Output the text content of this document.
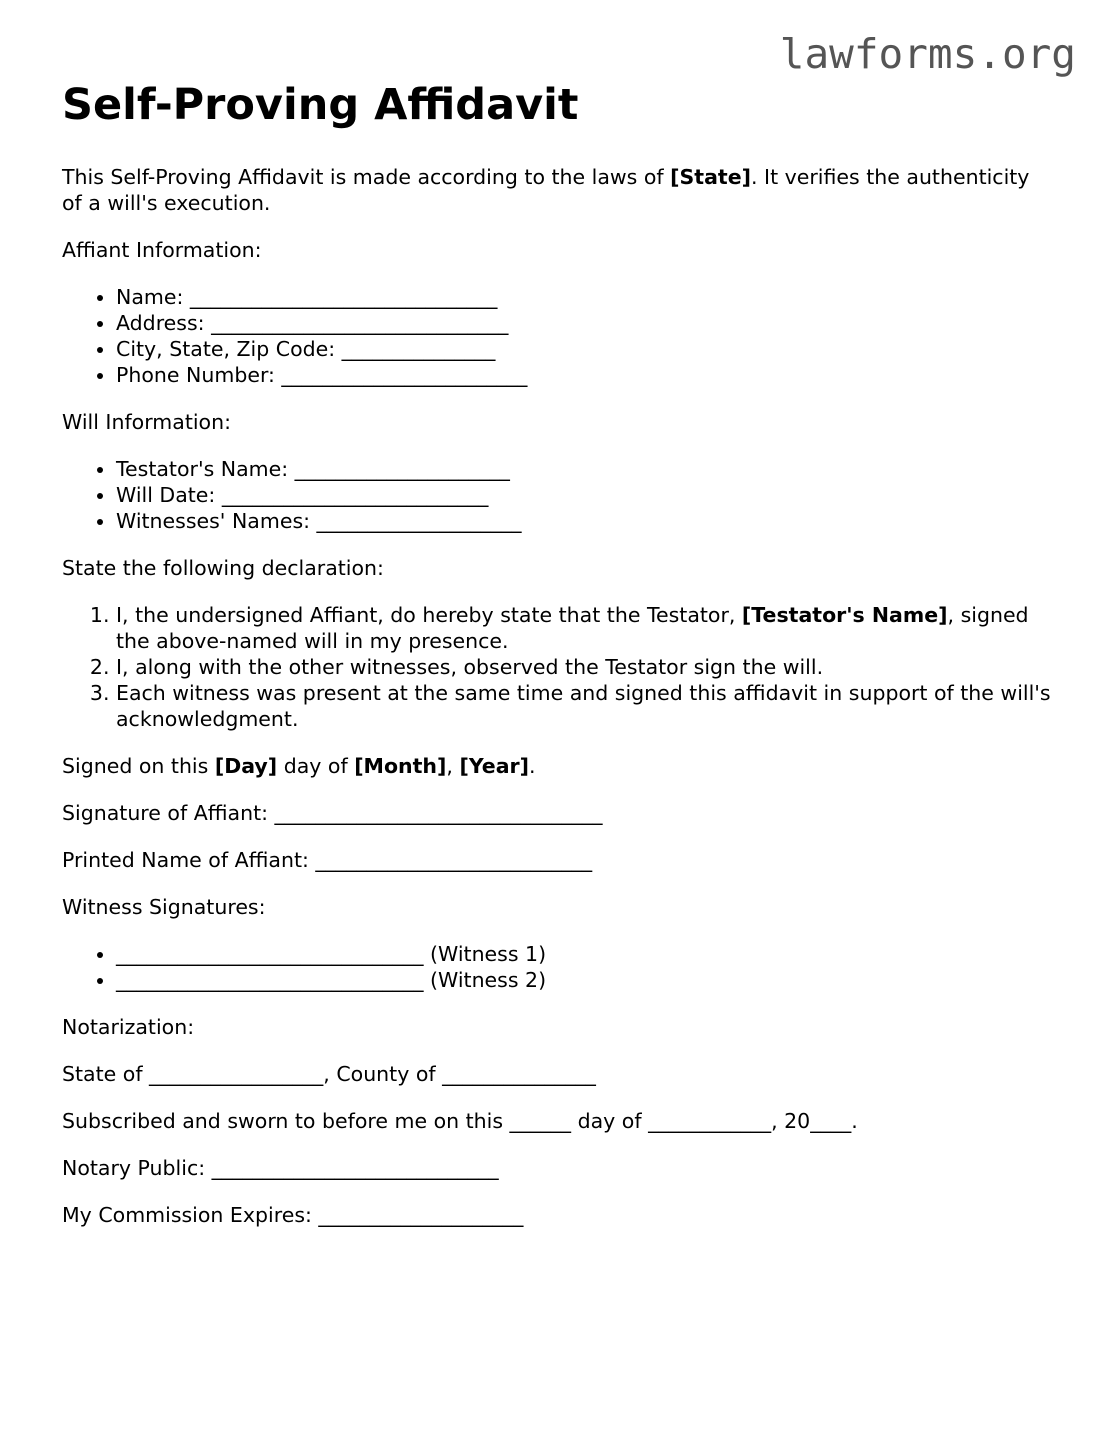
lawforms.org
Self-Proving Affidavit

This Self-Proving Affidavit is made according to the laws of [State]. It verifies the authenticity of a will's execution.

Affiant Information:

• Name: ______________________________
• Address: _____________________________
• City, State, Zip Code: _______________
• Phone Number: ________________________

Will Information:

• Testator's Name: _____________________
• Will Date: __________________________
• Witnesses' Names: ____________________

State the following declaration:

1. I, the undersigned Affiant, do hereby state that the Testator, [Testator's Name], signed the above-named will in my presence.
2. I, along with the other witnesses, observed the Testator sign the will.
3. Each witness was present at the same time and signed this affidavit in support of the will's acknowledgment.

Signed on this [Day] day of [Month], [Year].

Signature of Affiant: ________________________________

Printed Name of Affiant: ___________________________

Witness Signatures:

• ______________________________ (Witness 1)
• ______________________________ (Witness 2)

Notarization:

State of _________________, County of _______________

Subscribed and sworn to before me on this ______ day of ____________, 20____.

Notary Public: ____________________________

My Commission Expires: ____________________
